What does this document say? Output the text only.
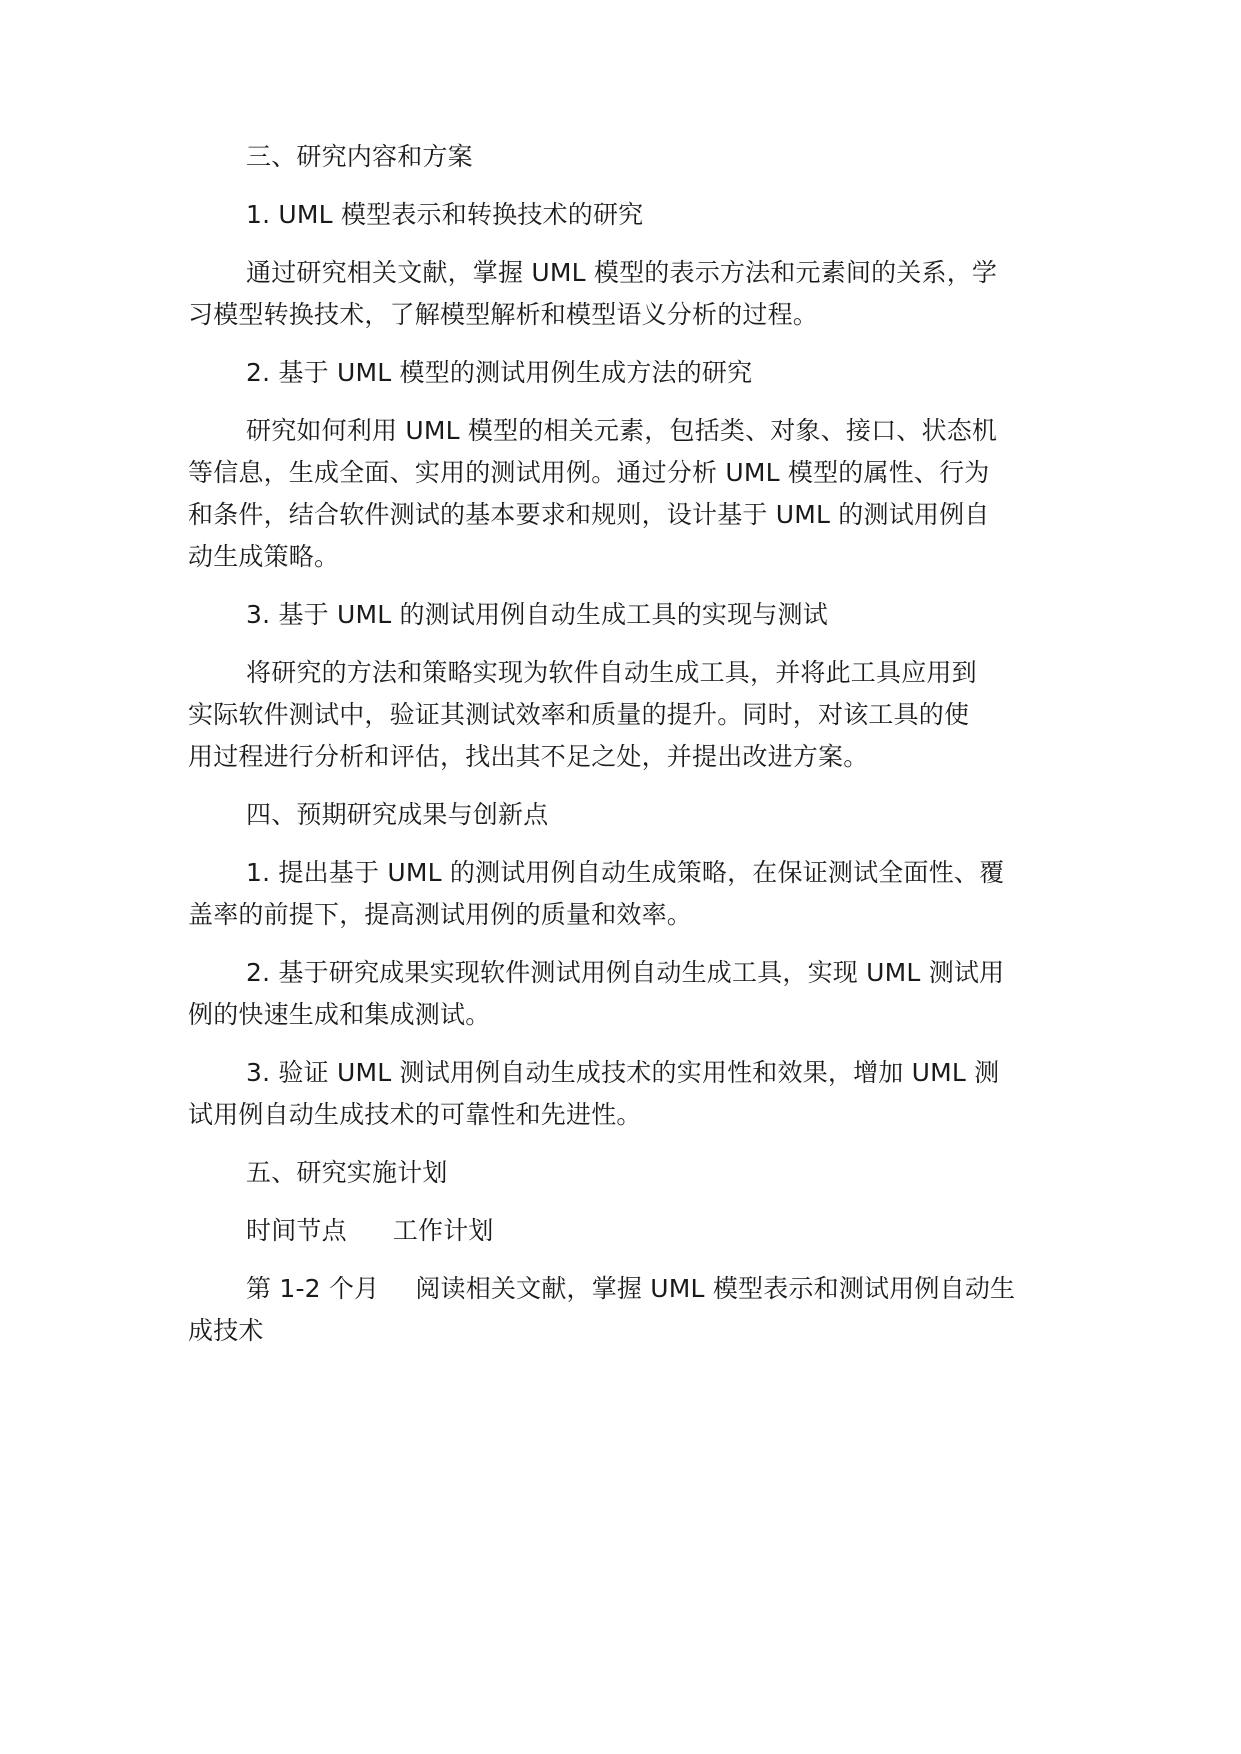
三、研究内容和方案
1. UML 模型表示和转换技术的研究
通过研究相关文献，掌握 UML 模型的表示方法和元素间的关系，学
习模型转换技术，了解模型解析和模型语义分析的过程。
2. 基于 UML 模型的测试用例生成方法的研究
研究如何利用 UML 模型的相关元素，包括类、对象、接口、状态机
等信息，生成全面、实用的测试用例。通过分析 UML 模型的属性、行为
和条件，结合软件测试的基本要求和规则，设计基于 UML 的测试用例自
动生成策略。
3. 基于 UML 的测试用例自动生成工具的实现与测试
将研究的方法和策略实现为软件自动生成工具，并将此工具应用到
实际软件测试中，验证其测试效率和质量的提升。同时，对该工具的使
用过程进行分析和评估，找出其不足之处，并提出改进方案。
四、预期研究成果与创新点
1. 提出基于 UML 的测试用例自动生成策略，在保证测试全面性、覆
盖率的前提下，提高测试用例的质量和效率。
2. 基于研究成果实现软件测试用例自动生成工具，实现 UML 测试用
例的快速生成和集成测试。
3. 验证 UML 测试用例自动生成技术的实用性和效果，增加 UML 测
试用例自动生成技术的可靠性和先进性。
五、研究实施计划
时间节点 工作计划
第 1-2 个月 阅读相关文献，掌握 UML 模型表示和测试用例自动生
成技术
